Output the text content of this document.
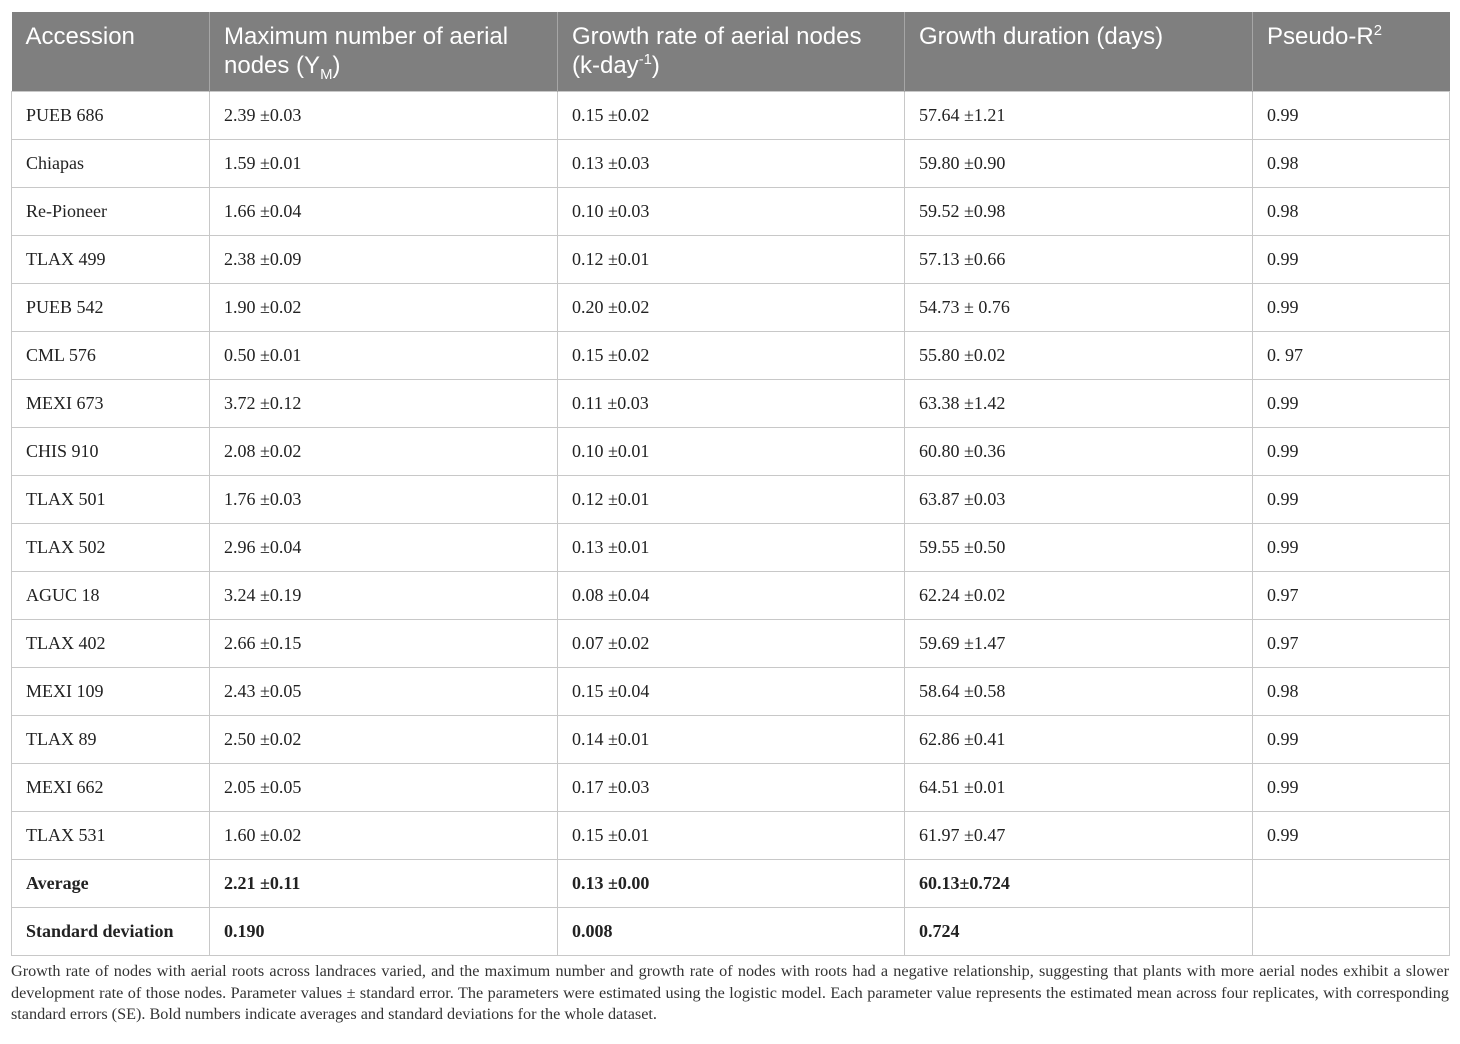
Accession	Maximum number of aerial nodes $(Y_M)$	Growth rate of aerial nodes (k-day$^{-1}$)	Growth duration (days)	Pseudo-$R^2$
PUEB 686	2.39 ±0.03	0.15 ±0.02	57.64 ±1.21	0.99
Chiapas	1.59 ±0.01	0.13 ±0.03	59.80 ±0.90	0.98
Re-Pioneer	1.66 ±0.04	0.10 ±0.03	59.52 ±0.98	0.98
TLAX 499	2.38 ±0.09	0.12 ±0.01	57.13 ±0.66	0.99
PUEB 542	1.90 ±0.02	0.20 ±0.02	54.73 ± 0.76	0.99
CML 576	0.50 ±0.01	0.15 ±0.02	55.80 ±0.02	0. 97
MEXI 673	3.72 ±0.12	0.11 ±0.03	63.38 ±1.42	0.99
CHIS 910	2.08 ±0.02	0.10 ±0.01	60.80 ±0.36	0.99
TLAX 501	1.76 ±0.03	0.12 ±0.01	63.87 ±0.03	0.99
TLAX 502	2.96 ±0.04	0.13 ±0.01	59.55 ±0.50	0.99
AGUC 18	3.24 ±0.19	0.08 ±0.04	62.24 ±0.02	0.97
TLAX 402	2.66 ±0.15	0.07 ±0.02	59.69 ±1.47	0.97
MEXI 109	2.43 ±0.05	0.15 ±0.04	58.64 ±0.58	0.98
TLAX 89	2.50 ±0.02	0.14 ±0.01	62.86 ±0.41	0.99
MEXI 662	2.05 ±0.05	0.17 ±0.03	64.51 ±0.01	0.99
TLAX 531	1.60 ±0.02	0.15 ±0.01	61.97 ±0.47	0.99
Average	2.21 ±0.11	0.13 ±0.00	60.13±0.724	
Standard deviation	0.190	0.008	0.724	
Growth rate of nodes with aerial roots across landraces varied, and the maximum number and growth rate of nodes with roots had a negative relationship, suggesting that plants with more aerial nodes exhibit a slower development rate of those nodes. Parameter values ± standard error. The parameters were estimated using the logistic model. Each parameter value represents the estimated mean across four replicates, with corresponding standard errors (SE). Bold numbers indicate averages and standard deviations for the whole dataset.
